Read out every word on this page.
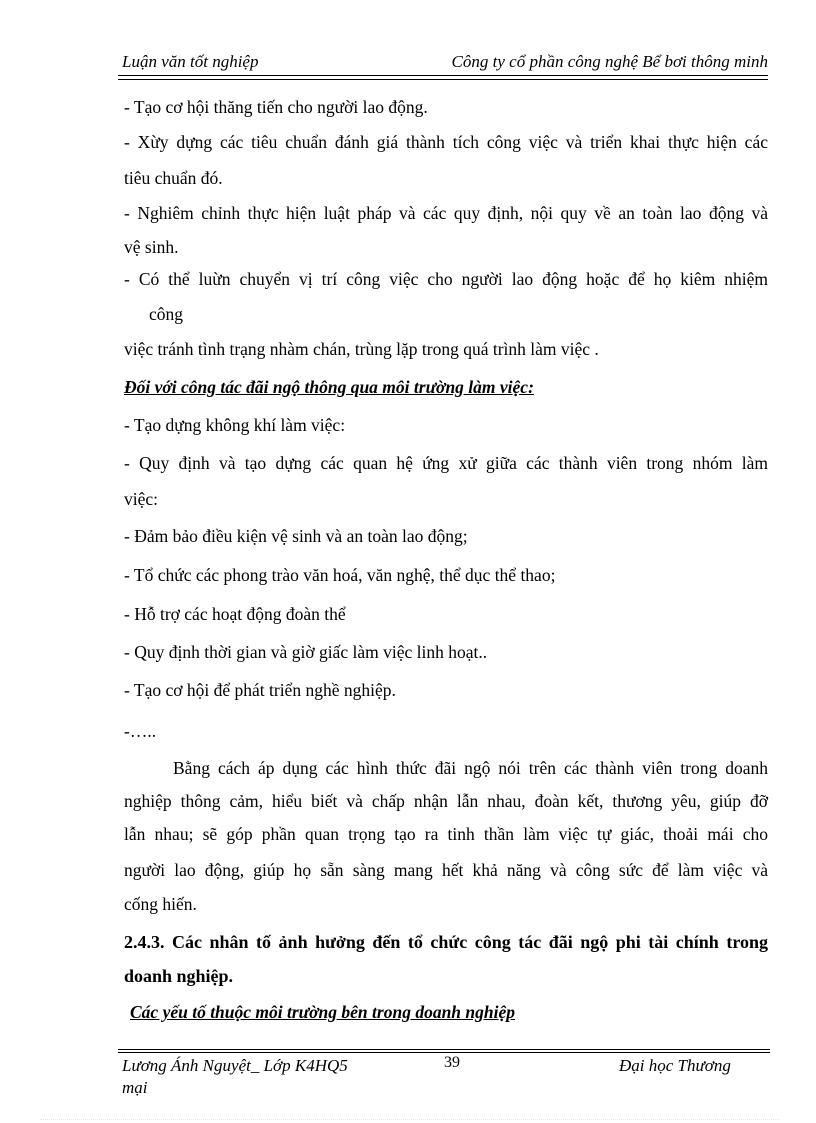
Luận văn tốt nghiệp	Công ty cổ phần công nghệ Bể bơi thông minh
- Tạo cơ hội thăng tiến cho người lao động.
- Xừy dựng các tiêu chuẩn đánh giá thành tích công việc và triển khai thực hiện các
tiêu chuẩn đó.
- Nghiêm chỉnh thực hiện luật pháp và các quy định, nội quy về an toàn lao động và
vệ sinh.
- Có thể luừn chuyển vị trí công việc cho người lao động hoặc để họ kiêm nhiệm
công
việc tránh tình trạng nhàm chán, trùng lặp trong quá trình làm việc .
Đối với công tác đãi ngộ thông qua môi trường làm việc:
- Tạo dựng không khí làm việc:
- Quy định và tạo dựng các quan hệ ứng xử giữa các thành viên trong nhóm làm
việc:
- Đảm bảo điều kiện vệ sinh và an toàn lao động;
- Tổ chức các phong trào văn hoá, văn nghệ, thể dục thể thao;
- Hỗ trợ các hoạt động đoàn thể
- Quy định thời gian và giờ giấc làm việc linh hoạt..
- Tạo cơ hội để phát triển nghề nghiệp.
-…..
Bằng cách áp dụng các hình thức đãi ngộ nói trên các thành viên trong doanh
nghiệp thông cảm, hiểu biết và chấp nhận lẫn nhau, đoàn kết, thương yêu, giúp đỡ
lẫn nhau; sẽ góp phần quan trọng tạo ra tinh thần làm việc tự giác, thoải mái cho
người lao động, giúp họ sẵn sàng mang hết khả năng và công sức để làm việc và
cống hiến.
2.4.3. Các nhân tố ảnh hưởng đến tổ chức công tác đãi ngộ phi tài chính trong
doanh nghiệp.
Các yếu tố thuộc môi trường bên trong doanh nghiệp
Lương Ánh Nguyệt_ Lớp K4HQ5 mại
39	Đại học Thương
